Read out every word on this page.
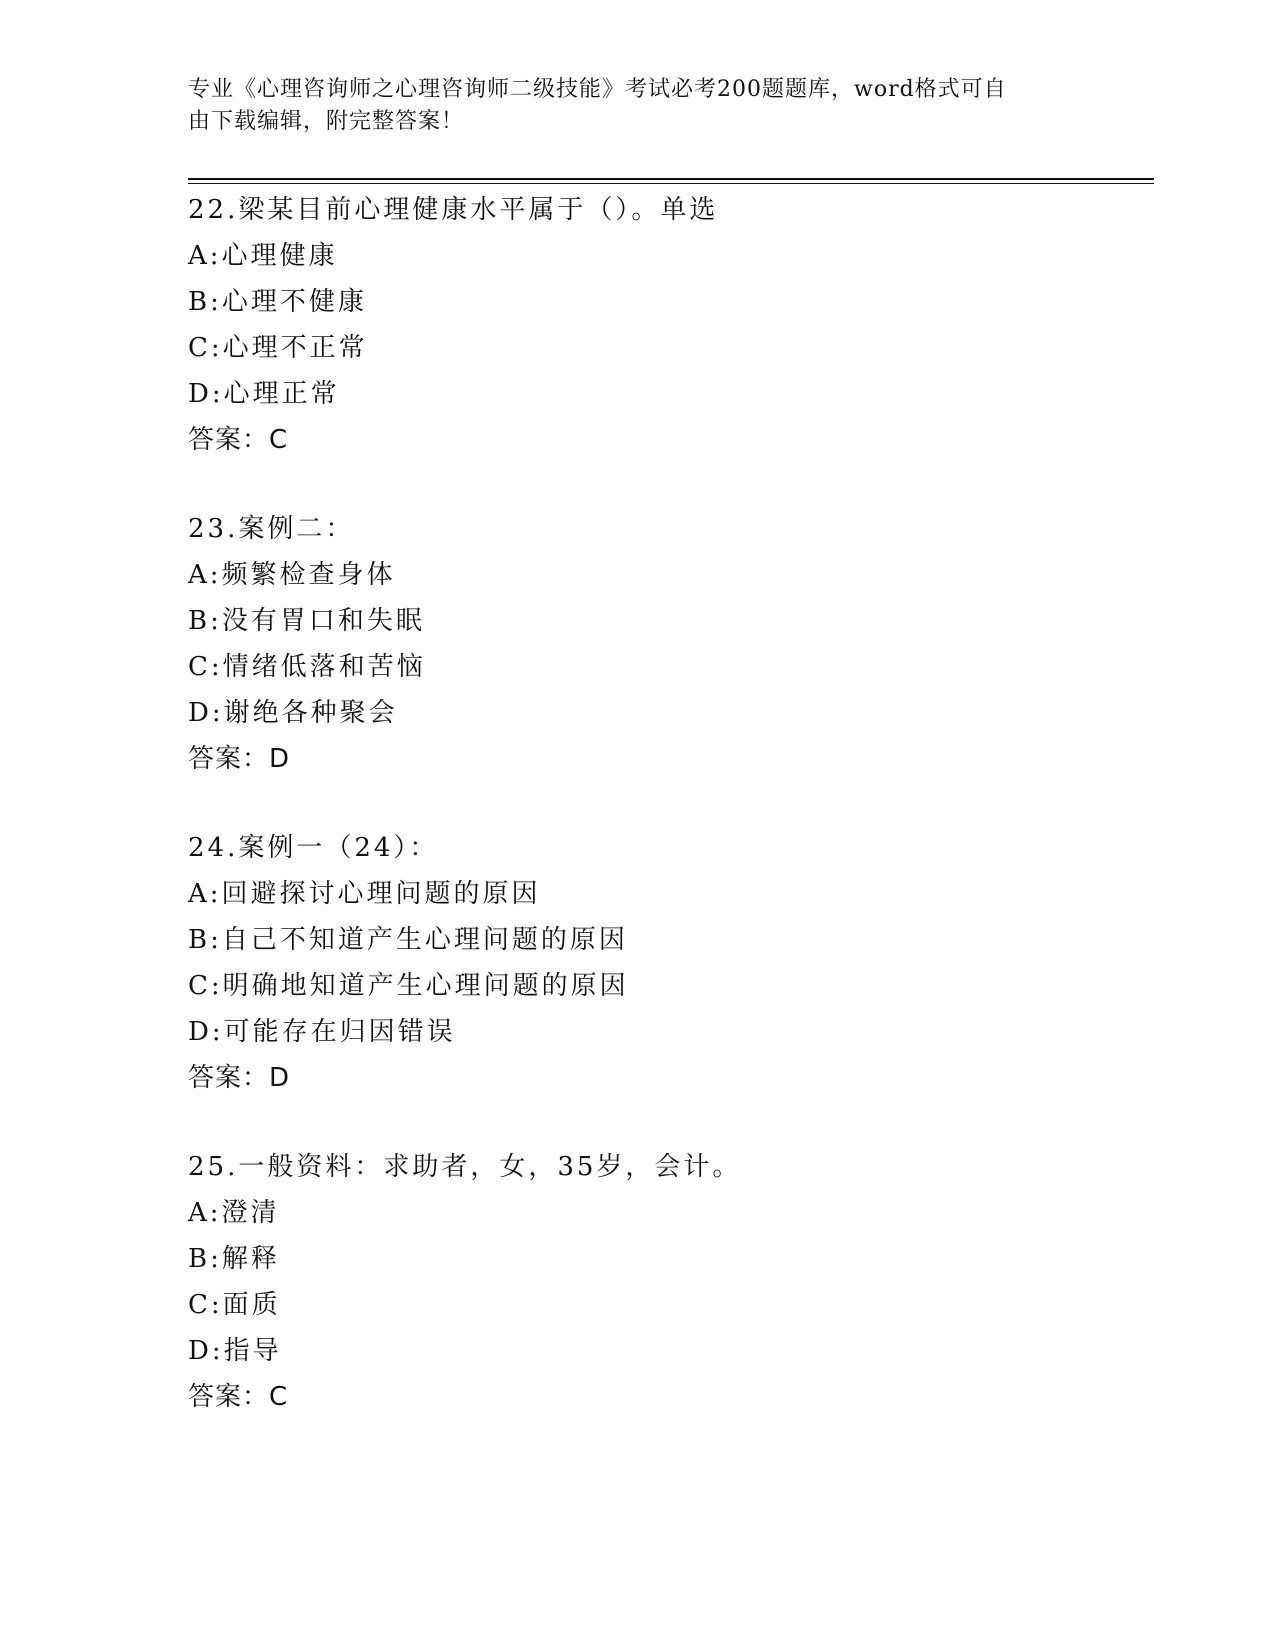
专业《心理咨询师之心理咨询师二级技能》考试必考200题题库，word格式可自
由下载编辑，附完整答案！
22.梁某目前心理健康水平属于（）。单选
A:心理健康
B:心理不健康
C:心理不正常
D:心理正常
答案：C
23.案例二：
A:频繁检查身体
B:没有胃口和失眠
C:情绪低落和苦恼
D:谢绝各种聚会
答案：D
24.案例一（24）：
A:回避探讨心理问题的原因
B:自己不知道产生心理问题的原因
C:明确地知道产生心理问题的原因
D:可能存在归因错误
答案：D
25.一般资料：求助者，女，35岁，会计。
A:澄清
B:解释
C:面质
D:指导
答案：C
